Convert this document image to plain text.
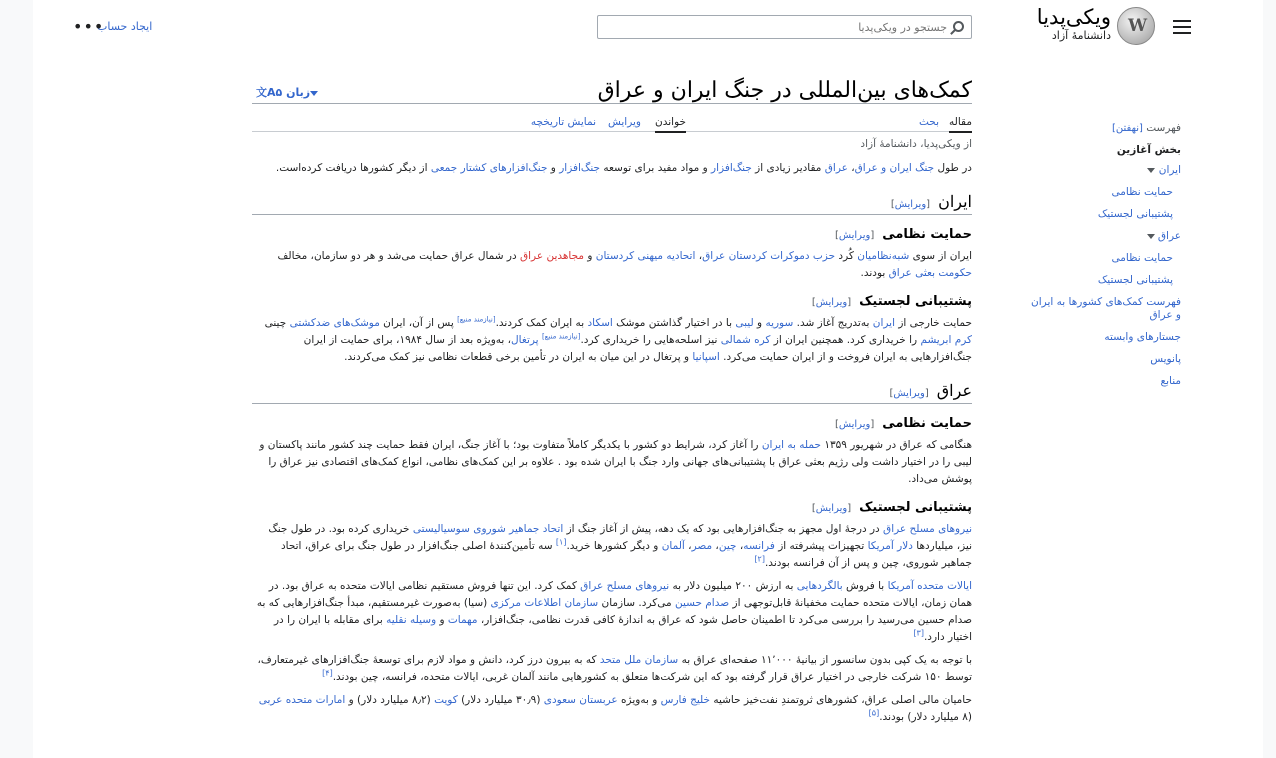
W
ویکی‌پدیا
دانشنامهٔ آزاد
جستجو در ویکی‌پدیا
ایجاد حساب
•••
فهرست [نهفتن]
بخش آغازین
ایران
حمایت نظامی
پشتیبانی لجستیک
عراق
حمایت نظامی
پشتیبانی لجستیک
فهرست کمک‌های کشورها به ایران و عراق
جستارهای وابسته
پانویس
منابع
کمک‌های بین‌المللی در جنگ ایران و عراق
文A۵ زبان
مقاله
بحث
خواندن
ویرایش
نمایش تاریخچه
از ویکی‌پدیا، دانشنامهٔ آزاد

در طول جنگ ایران و عراق، عراق مقادیر زیادی از جنگ‌افزار و مواد مفید برای توسعه جنگ‌افزار و جنگ‌افزارهای کشتار جمعی از دیگر کشورها دریافت کرده‌است.

ایران[ویرایش]
حمایت نظامی[ویرایش]

ایران از سوی شبه‌نظامیان کُرد حزب دموکرات کردستان عراق، اتحادیه میهنی کردستان و مجاهدین عراق در شمال عراق حمایت می‌شد و هر دو سازمان، مخالف حکومت بعثی عراق بودند.

پشتیبانی لجستیک[ویرایش]

حمایت خارجی از ایران به‌تدریج آغاز شد. سوریه و لیبی با در اختیار گذاشتن موشک اسکاد به ایران کمک کردند.[نیازمند منبع] پس از آن، ایران موشک‌های ضدکشتی چینی کرم ابریشم را خریداری کرد. همچنین ایران از کره شمالی نیز اسلحه‌هایی را خریداری کرد.[نیازمند منبع] پرتغال، به‌ویژه بعد از سال ۱۹۸۴، برای حمایت از ایران جنگ‌افزارهایی به ایران فروخت و از ایران حمایت می‌کرد. اسپانیا و پرتغال در این میان به ایران در تأمین برخی قطعات نظامی نیز کمک می‌کردند.

عراق[ویرایش]
حمایت نظامی[ویرایش]

هنگامی که عراق در شهریور ۱۳۵۹ حمله به ایران را آغاز کرد، شرایط دو کشور با یکدیگر کاملاً متفاوت بود؛ با آغاز جنگ، ایران فقط حمایت چند کشور مانند پاکستان و لیبی را در اختیار داشت ولی رژیم بعثی عراق با پشتیبانی‌های جهانی وارد جنگ با ایران شده بود . علاوه بر این کمک‌های نظامی، انواع کمک‌های اقتصادی نیز عراق را پوشش می‌داد.

پشتیبانی لجستیک[ویرایش]

نیروهای مسلح عراق در درجهٔ اول مجهز به جنگ‌افزارهایی بود که یک دهه، پیش از آغاز جنگ از اتحاد جماهیر شوروی سوسیالیستی خریداری کرده بود. در طول جنگ نیز، میلیاردها دلار آمریکا تجهیزات پیشرفته از فرانسه، چین، مصر، آلمان و دیگر کشورها خرید.[۱] سه تأمین‌کنندهٔ اصلی جنگ‌افزار در طول جنگ برای عراق، اتحاد جماهیر شوروی، چین و پس از آن فرانسه بودند.[۲]

ایالات متحده آمریکا با فروش بالگردهایی به ارزش ۲۰۰ میلیون دلار به نیروهای مسلح عراق کمک کرد. این تنها فروش مستقیم نظامی ایالات متحده به عراق بود. در همان زمان، ایالات متحده حمایت مخفیانهٔ قابل‌توجهی از صدام حسین می‌کرد. سازمان سازمان اطلاعات مرکزی (سیا) به‌صورت غیرمستقیم، مبدأ جنگ‌افزارهایی که به صدام حسین می‌رسید را بررسی می‌کرد تا اطمینان حاصل شود که عراق به اندازهٔ کافی قدرت نظامی، جنگ‌افزار، مهمات و وسیله نقلیه برای مقابله با ایران را در اختیار دارد.[۳]

با توجه به یک کپی بدون سانسور از بیانیهٔ ۱۱٬۰۰۰ صفحه‌ای عراق به سازمان ملل متحد که به بیرون درز کرد، دانش و مواد لازم برای توسعهٔ جنگ‌افزارهای غیرمتعارف، توسط ۱۵۰ شرکت خارجی در اختیار عراق قرار گرفته بود که این شرکت‌ها متعلق به کشورهایی مانند آلمان غربی، ایالات متحده، فرانسه، چین بودند.[۴]

حامیان مالی اصلی عراق، کشورهای ثروتمندِ نفت‌خیز حاشیه خلیج فارس و به‌ویژه عربستان سعودی (۳۰٫۹ میلیارد دلار) کویت (۸٫۲ میلیارد دلار) و امارات متحده عربی (۸ میلیارد دلار) بودند.[۵]
